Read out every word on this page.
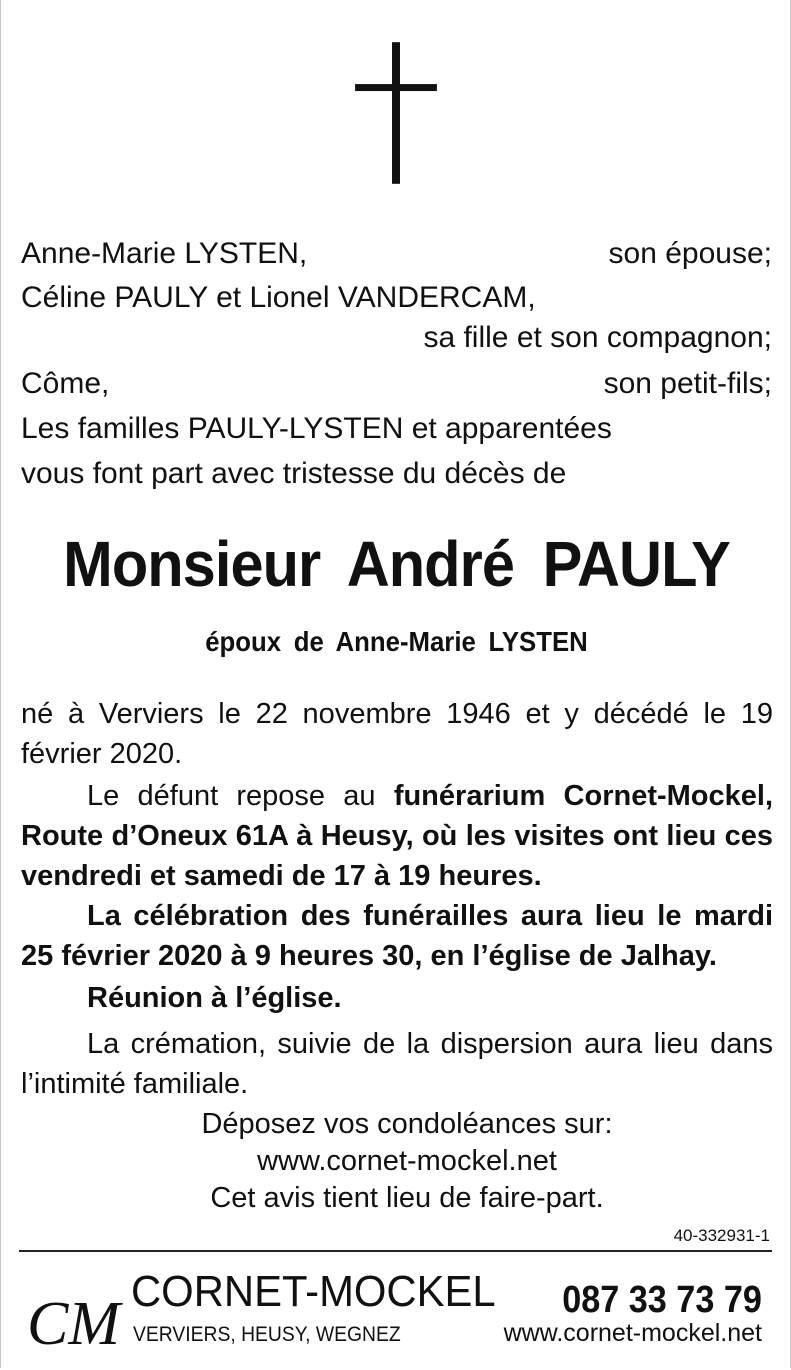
Anne-Marie LYSTEN,	son épouse;
Céline PAULY et Lionel VANDERCAM,
sa fille et son compagnon;
Côme,	son petit-fils;
Les familles PAULY-LYSTEN et apparentées
vous font part avec tristesse du décès de
Monsieur André PAULY
époux de Anne-Marie LYSTEN
né à Verviers le 22 novembre 1946 et y décédé le 19 février 2020.
Le défunt repose au funérarium Cornet-Mockel, Route d’Oneux 61A à Heusy, où les visites ont lieu ces vendredi et samedi de 17 à 19 heures.
La célébration des funérailles aura lieu le mardi 25 février 2020 à 9 heures 30, en l’église de Jalhay.
Réunion à l’église.
La crémation, suivie de la dispersion aura lieu dans l’intimité familiale.
Déposez vos condoléances sur:
www.cornet-mockel.net
Cet avis tient lieu de faire-part.
40-332931-1
CM CORNET-MOCKEL 087 33 73 79
VERVIERS, HEUSY, WEGNEZ	www.cornet-mockel.net
